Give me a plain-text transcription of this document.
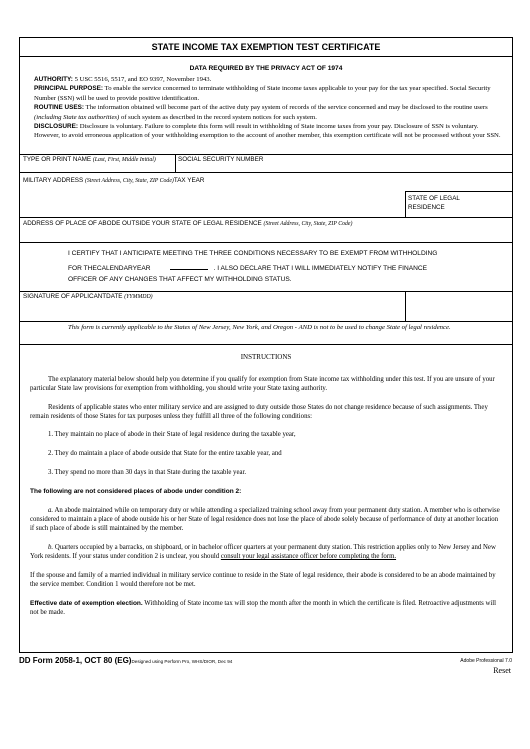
STATE INCOME TAX EXEMPTION TEST CERTIFICATE
DATA REQUIRED BY THE PRIVACY ACT OF 1974

AUTHORITY: 5 USC 5516, 5517, and EO 9397, November 1943.

PRINCIPAL PURPOSE: To enable the service concerned to terminate withholding of State income taxes applicable to your pay for the tax year specified. Social Security Number (SSN) will be used to provide positive identification.

ROUTINE USES: The information obtained will become part of the active duty pay system of records of the service concerned and may be disclosed to the routine users (including State tax authorities) of such system as described in the record system notices for such system.

DISCLOSURE: Disclosure is voluntary. Failure to complete this form will result in withholding of State income taxes from your pay. Disclosure of SSN is voluntary. However, to avoid erroneous application of your withholding exemption to the account of another member, this exemption certificate will not be processed without your SSN.

TYPE OR PRINT NAME (Last, First, Middle Initial)	SOCIAL SECURITY NUMBER
MILITARY ADDRESS (Street Address, City, State, ZIP Code)TAX YEAR
STATE OF LEGAL RESIDENCE
ADDRESS OF PLACE OF ABODE OUTSIDE YOUR STATE OF LEGAL RESIDENCE (Street Address, City, State, ZIP Code)
I CERTIFY THAT I ANTICIPATE MEETING THE THREE CONDITIONS NECESSARY TO BE EXEMPT FROM WITHHOLDING
FOR THECALENDARYEAR	. I ALSO DECLARE THAT I WILL IMMEDIATELY NOTIFY THE FINANCE
OFFICER OF ANY CHANGES THAT AFFECT MY WITHHOLDING STATUS.
SIGNATURE OF APPLICANTDATE (YYMMDD)
This form is currently applicable to the States of New Jersey, New York, and Oregon - AND is not to be used to change State of legal residence.
INSTRUCTIONS

The explanatory material below should help you determine if you qualify for exemption from State income tax withholding under this test. If you are unsure of your particular State law provisions for exemption from withholding, you should write your State taxing authority.

Residents of applicable states who enter military service and are assigned to duty outside those States do not change residence because of such assignments. They remain residents of those States for tax purposes unless they fulfill all three of the following conditions:

1. They maintain no place of abode in their State of legal residence during the taxable year,

2. They do maintain a place of abode outside that State for the entire taxable year, and

3. They spend no more than 30 days in that State during the taxable year.

The following are not considered places of abode under condition 2:

a. An abode maintained while on temporary duty or while attending a specialized training school away from your permanent duty station. A member who is otherwise considered to maintain a place of abode outside his or her State of legal residence does not lose the place of abode solely because of performance of duty at another location if such place of abode is still maintained by the member.

b. Quarters occupied by a barracks, on shipboard, or in bachelor officer quarters at your permanent duty station. This restriction applies only to New Jersey and New York residents. If your status under condition 2 is unclear, you should consult your legal assistance officer before completing the form.

If the spouse and family of a married individual in military service continue to reside in the State of legal residence, their abode is considered to be an abode maintained by the service member. Condition 1 would therefore not be met.

Effective date of exemption election. Withholding of State income tax will stop the month after the month in which the certificate is filed. Retroactive adjustments will not be made.

DD Form 2058-1, OCT 80 (EG)Designed using Perform Pro, WHS/DIOR, Dec 94	Adobe Professional 7.0
Reset
